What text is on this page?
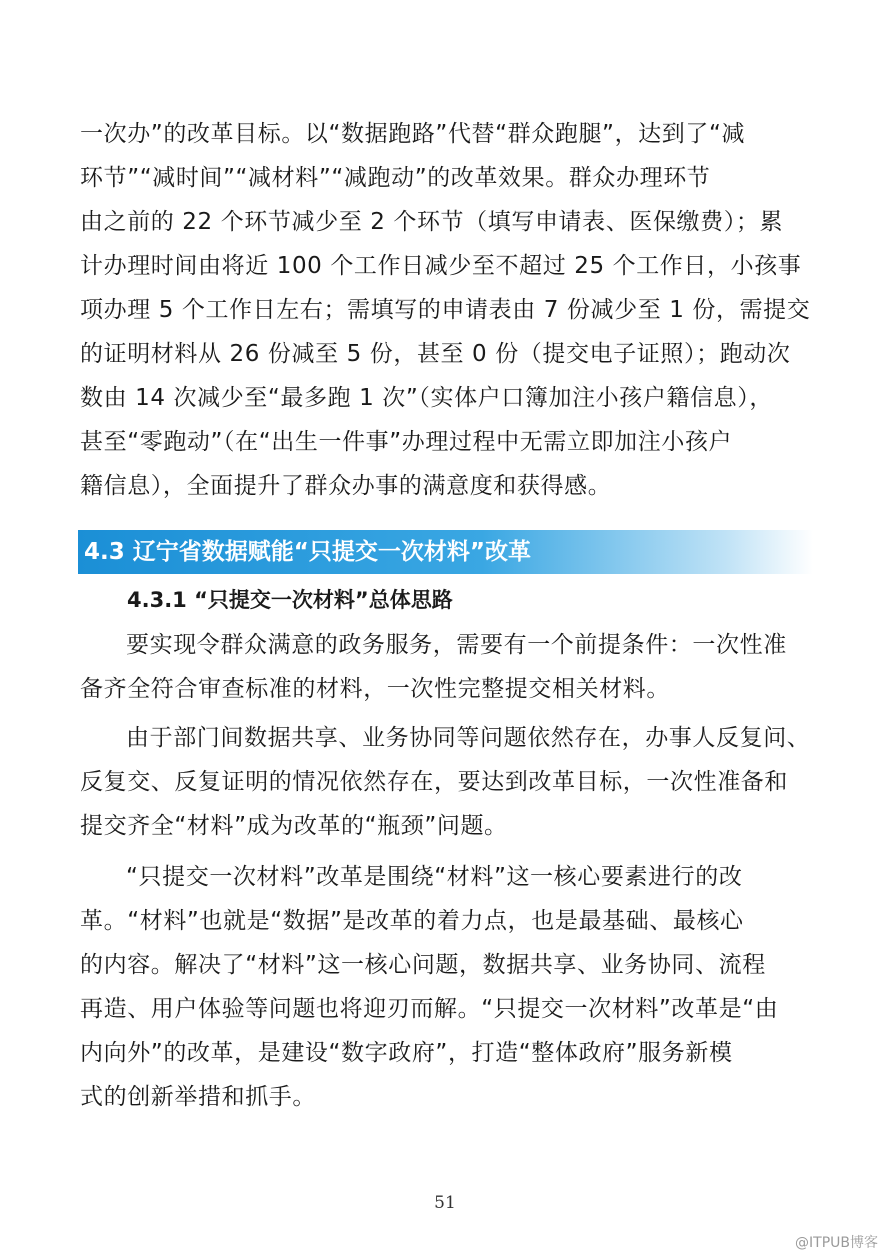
一次办”的改革目标。以“数据跑路”代替“群众跑腿”，达到了“减
环节”“减时间”“减材料”“减跑动”的改革效果。群众办理环节
由之前的 22 个环节减少至 2 个环节（填写申请表、医保缴费）；累
计办理时间由将近 100 个工作日减少至不超过 25 个工作日，小孩事
项办理 5 个工作日左右；需填写的申请表由 7 份减少至 1 份，需提交
的证明材料从 26 份减至 5 份，甚至 0 份（提交电子证照）；跑动次
数由 14 次减少至“最多跑 1 次”（实体户口簿加注小孩户籍信息），
甚至“零跑动”（在“出生一件事”办理过程中无需立即加注小孩户
籍信息），全面提升了群众办事的满意度和获得感。
4.3 辽宁省数据赋能“只提交一次材料”改革
4.3.1 “只提交一次材料”总体思路
要实现令群众满意的政务服务，需要有一个前提条件：一次性准
备齐全符合审查标准的材料，一次性完整提交相关材料。
由于部门间数据共享、业务协同等问题依然存在，办事人反复问、
反复交、反复证明的情况依然存在，要达到改革目标，一次性准备和
提交齐全“材料”成为改革的“瓶颈”问题。
“只提交一次材料”改革是围绕“材料”这一核心要素进行的改
革。“材料”也就是“数据”是改革的着力点，也是最基础、最核心
的内容。解决了“材料”这一核心问题，数据共享、业务协同、流程
再造、用户体验等问题也将迎刃而解。“只提交一次材料”改革是“由
内向外”的改革，是建设“数字政府”，打造“整体政府”服务新模
式的创新举措和抓手。
51
@ITPUB博客
